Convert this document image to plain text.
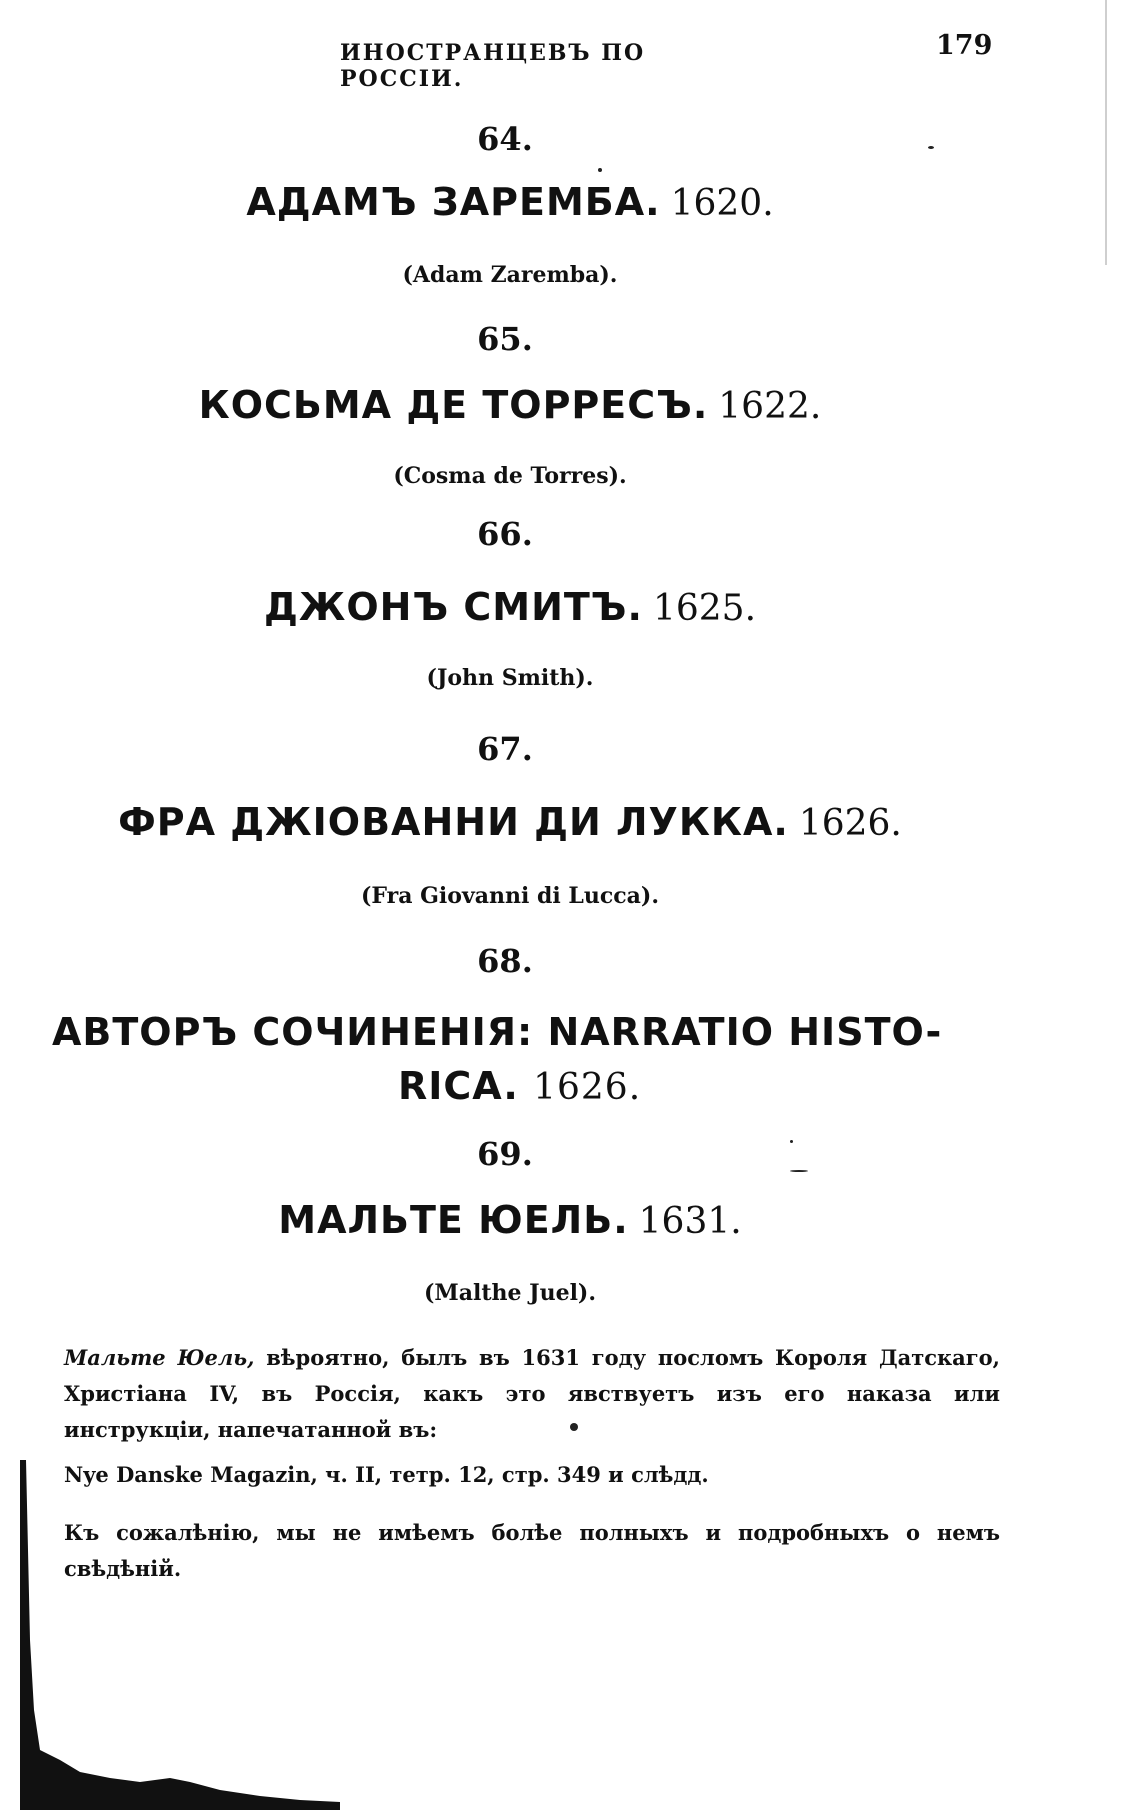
ИНОСТРАНЦЕВЪ ПО РОССІИ.
179
64.
АДАМЪ ЗАРЕМБА. 1620.
(Adam Zaremba).
65.
КОСЬМА ДЕ ТОРРЕСЪ. 1622.
(Cosma de Torres).
66.
ДЖОНЪ СМИТЪ. 1625.
(John Smith).
67.
ФРА ДЖІОВАННИ ДИ ЛУККА. 1626.
(Fra Giovanni di Lucca).
68.
АВТОРЪ СОЧИНЕНІЯ: NARRATIO HISTO-
RICA. 1626.
69.
МАЛЬТЕ ЮЕЛЬ. 1631.
(Malthe Juel).
Мальте Юель, вѣроятно, былъ въ 1631 году посломъ Короля Датскаго, Христіана IV, въ Россія, какъ это явствуетъ изъ его наказа или инструкціи, напечатанной въ:
Nye Danske Magazin, ч. II, тетр. 12, стр. 349 и слѣдд.
Къ сожалѣнію, мы не имѣемъ болѣе полныхъ и подробныхъ о немъ свѣдѣній.
